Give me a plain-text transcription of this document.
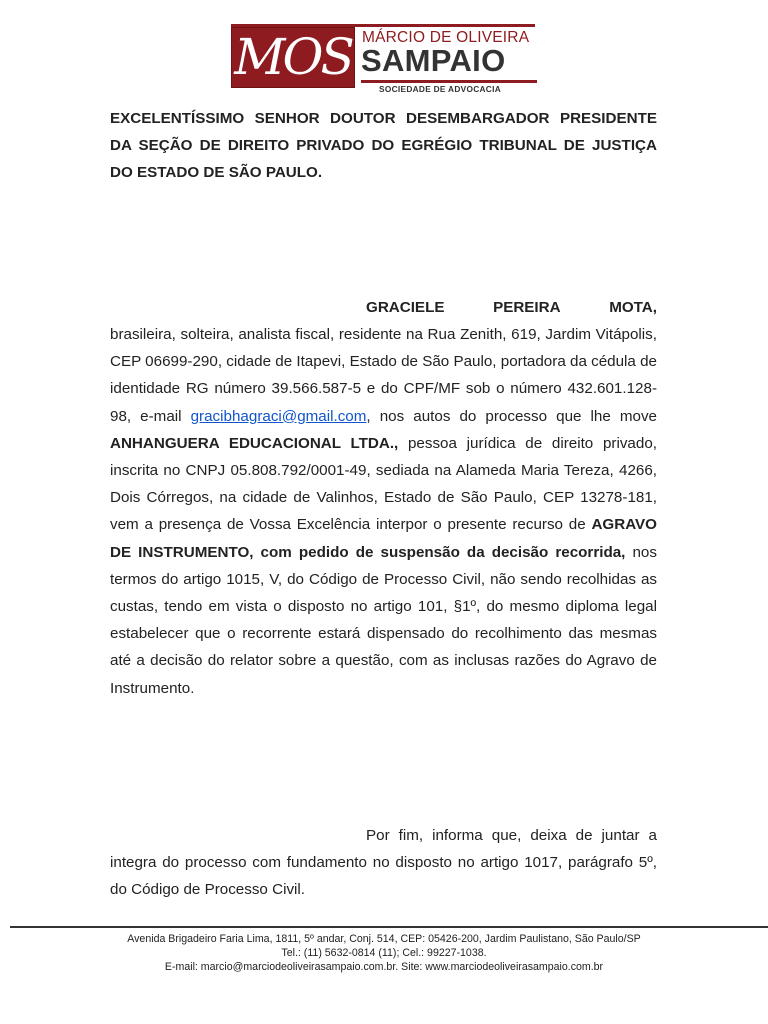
MOS MÁRCIO DE OLIVEIRA
SAMPAIO
SOCIEDADE DE ADVOCACIA

EXCELENTÍSSIMO SENHOR DOUTOR DESEMBARGADOR PRESIDENTE DA SEÇÃO DE DIREITO PRIVADO DO EGRÉGIO TRIBUNAL DE JUSTIÇA DO ESTADO DE SÃO PAULO.

GRACIELE	PEREIRA	MOTA,

brasileira, solteira, analista fiscal, residente na Rua Zenith, 619, Jardim Vitápolis, CEP 06699-290, cidade de Itapevi, Estado de São Paulo, portadora da cédula de identidade RG número 39.566.587-5 e do CPF/MF sob o número 432.601.128-98, e-mail gracibhagraci@gmail.com, nos autos do processo que lhe move ANHANGUERA EDUCACIONAL LTDA., pessoa jurídica de direito privado, inscrita no CNPJ 05.808.792/0001-49, sediada na Alameda Maria Tereza, 4266, Dois Córregos, na cidade de Valinhos, Estado de São Paulo, CEP 13278-181, vem a presença de Vossa Excelência interpor o presente recurso de AGRAVO DE INSTRUMENTO, com pedido de suspensão da decisão recorrida, nos termos do artigo 1015, V, do Código de Processo Civil, não sendo recolhidas as custas, tendo em vista o disposto no artigo 101, §1º, do mesmo diploma legal estabelecer que o recorrente estará dispensado do recolhimento das mesmas até a decisão do relator sobre a questão, com as inclusas razões do Agravo de Instrumento.

Por fim, informa que, deixa de juntar a integra do processo com fundamento no disposto no artigo 1017, parágrafo 5º, do Código de Processo Civil.

Avenida Brigadeiro Faria Lima, 1811, 5º andar, Conj. 514, CEP: 05426-200, Jardim Paulistano, São Paulo/SP
Tel.: (11) 5632-0814 (11); Cel.: 99227-1038.
E-mail: marcio@marciodeoliveirasampaio.com.br. Site: www.marciodeoliveirasampaio.com.br
